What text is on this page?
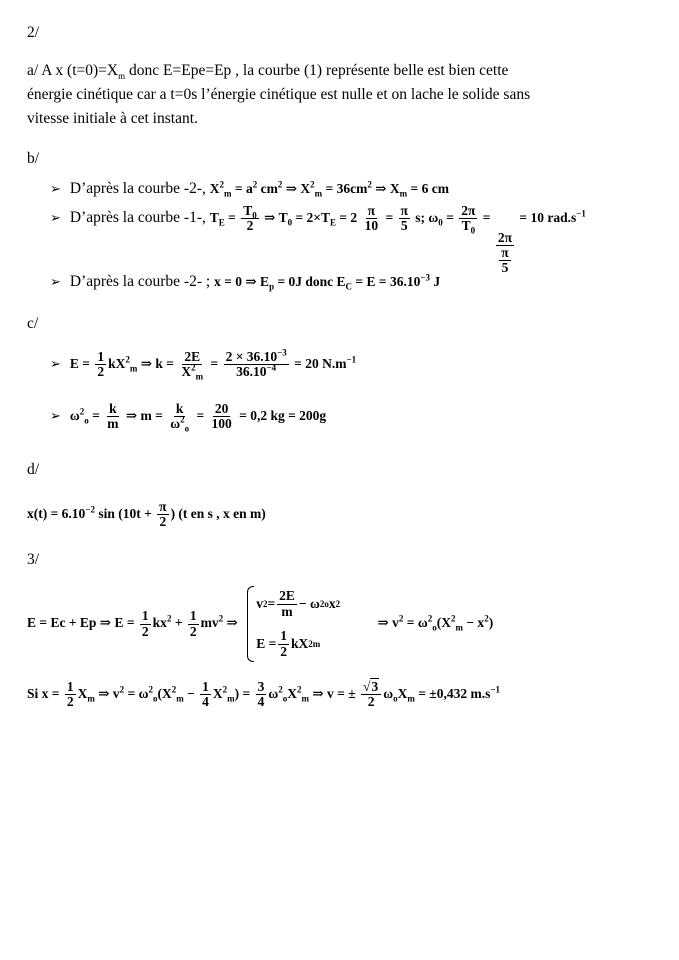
2/
a/ A x $(t=0)=X_m$ donc E=Epe=Ep , la courbe (1) représente belle est bien cette
énergie cinétique car a t=0s l’énergie cinétique est nulle et on lache le solide sans
vitesse initiale à cet instant.
b/
➢ D’après la courbe -2-, $X^2_m = a^2$ $cm^2$ ⇒ $X^2_m = 36cm^2$ ⇒ $X_m = 6$ cm
➢ D’après la courbe -1-, $T_E = \frac{T_0}{2}$ ⇒ $T_0 = 2\times T_E = 2 \frac{\pi}{10} = \frac{\pi}{5} s$; $\omega_0 = \frac{2\pi}{T_0}$ =
$\frac{2\pi}{\frac{\pi}{5}}$
= 10 $rad.s^{-1}$
➢ D’après la courbe -2- ; x = 0 ⇒ $E_p = 0J$ donc $E_C = E = 36.10^{-3}$ J
c/
➢ $E = \frac{1}{2} kX^2_m$ ⇒ $k = \frac{2E}{X^2_m} = \frac{2 \times 36.10^{-3}}{36.10^{-4}} = 20$ $N.m^{-1}$
➢ $\omega^2_o = \frac{k}{m}$ ⇒ $m = \frac{k}{\omega^2_o} = \frac{20}{100} = 0,2$ kg = 200g
d/
$x(t) = 6.10^{-2}$ $\sin (10t + \frac{\pi}{2}$ ) (t en s , x en m)
3/
E = Ec + Ep ⇒ $E = \frac{1}{2} kx^2 + \frac{1}{2} mv^2$ ⇒
v $2 = \frac{2E}{m} - \omega$ 2 o x 2
$E = \frac{1}{2}$ kX 2 m
⇒ $v^2 = \omega^2_o(X^2_m - x^2)$
Si $x = \frac{1}{2} X_m$ ⇒ $v^2 = \omega^2_o(X^2_m - \frac{1}{4} X^2_m) = \frac{3}{4} \omega^2_oX^2_m$ ⇒ v = ± $\frac{√3}{2} \omega_oX_m = \pm 0,432$ $m.s^{-1}$
